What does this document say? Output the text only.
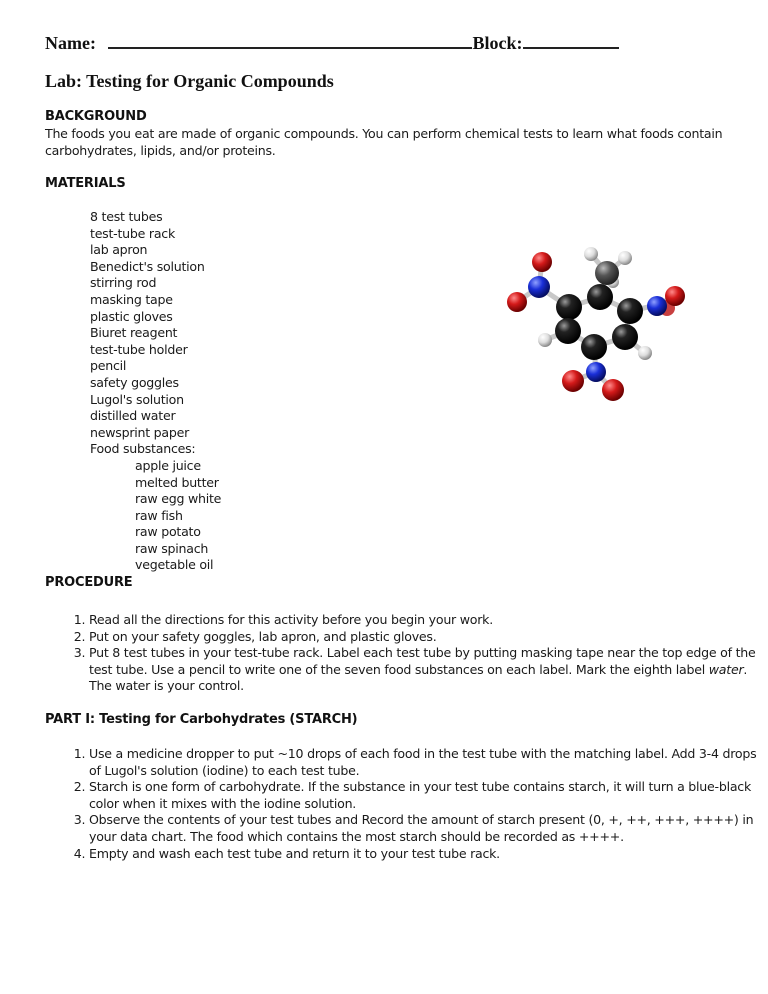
Name:	Block:
Lab: Testing for Organic Compounds
BACKGROUND
The foods you eat are made of organic compounds. You can perform chemical tests to learn what foods contain carbohydrates, lipids, and/or proteins.
MATERIALS
8 test tubes
test-tube rack
lab apron
Benedict's solution
stirring rod
masking tape
plastic gloves
Biuret reagent
test-tube holder
pencil
safety goggles
Lugol's solution
distilled water
newsprint paper
Food substances:
apple juice
melted butter
raw egg white
raw fish
raw potato
raw spinach
vegetable oil
PROCEDURE
1. Read all the directions for this activity before you begin your work.
2. Put on your safety goggles, lab apron, and plastic gloves.
3. Put 8 test tubes in your test-tube rack. Label each test tube by putting masking tape near the top edge of the test tube. Use a pencil to write one of the seven food substances on each label. Mark the eighth label water. The water is your control.
PART I: Testing for Carbohydrates (STARCH)
1. Use a medicine dropper to put ~10 drops of each food in the test tube with the matching label. Add 3-4 drops of Lugol's solution (iodine) to each test tube.
2. Starch is one form of carbohydrate. If the substance in your test tube contains starch, it will turn a blue-black color when it mixes with the iodine solution.
3. Observe the contents of your test tubes and Record the amount of starch present (0, +, ++, +++, ++++) in your data chart. The food which contains the most starch should be recorded as ++++.
4. Empty and wash each test tube and return it to your test tube rack.
